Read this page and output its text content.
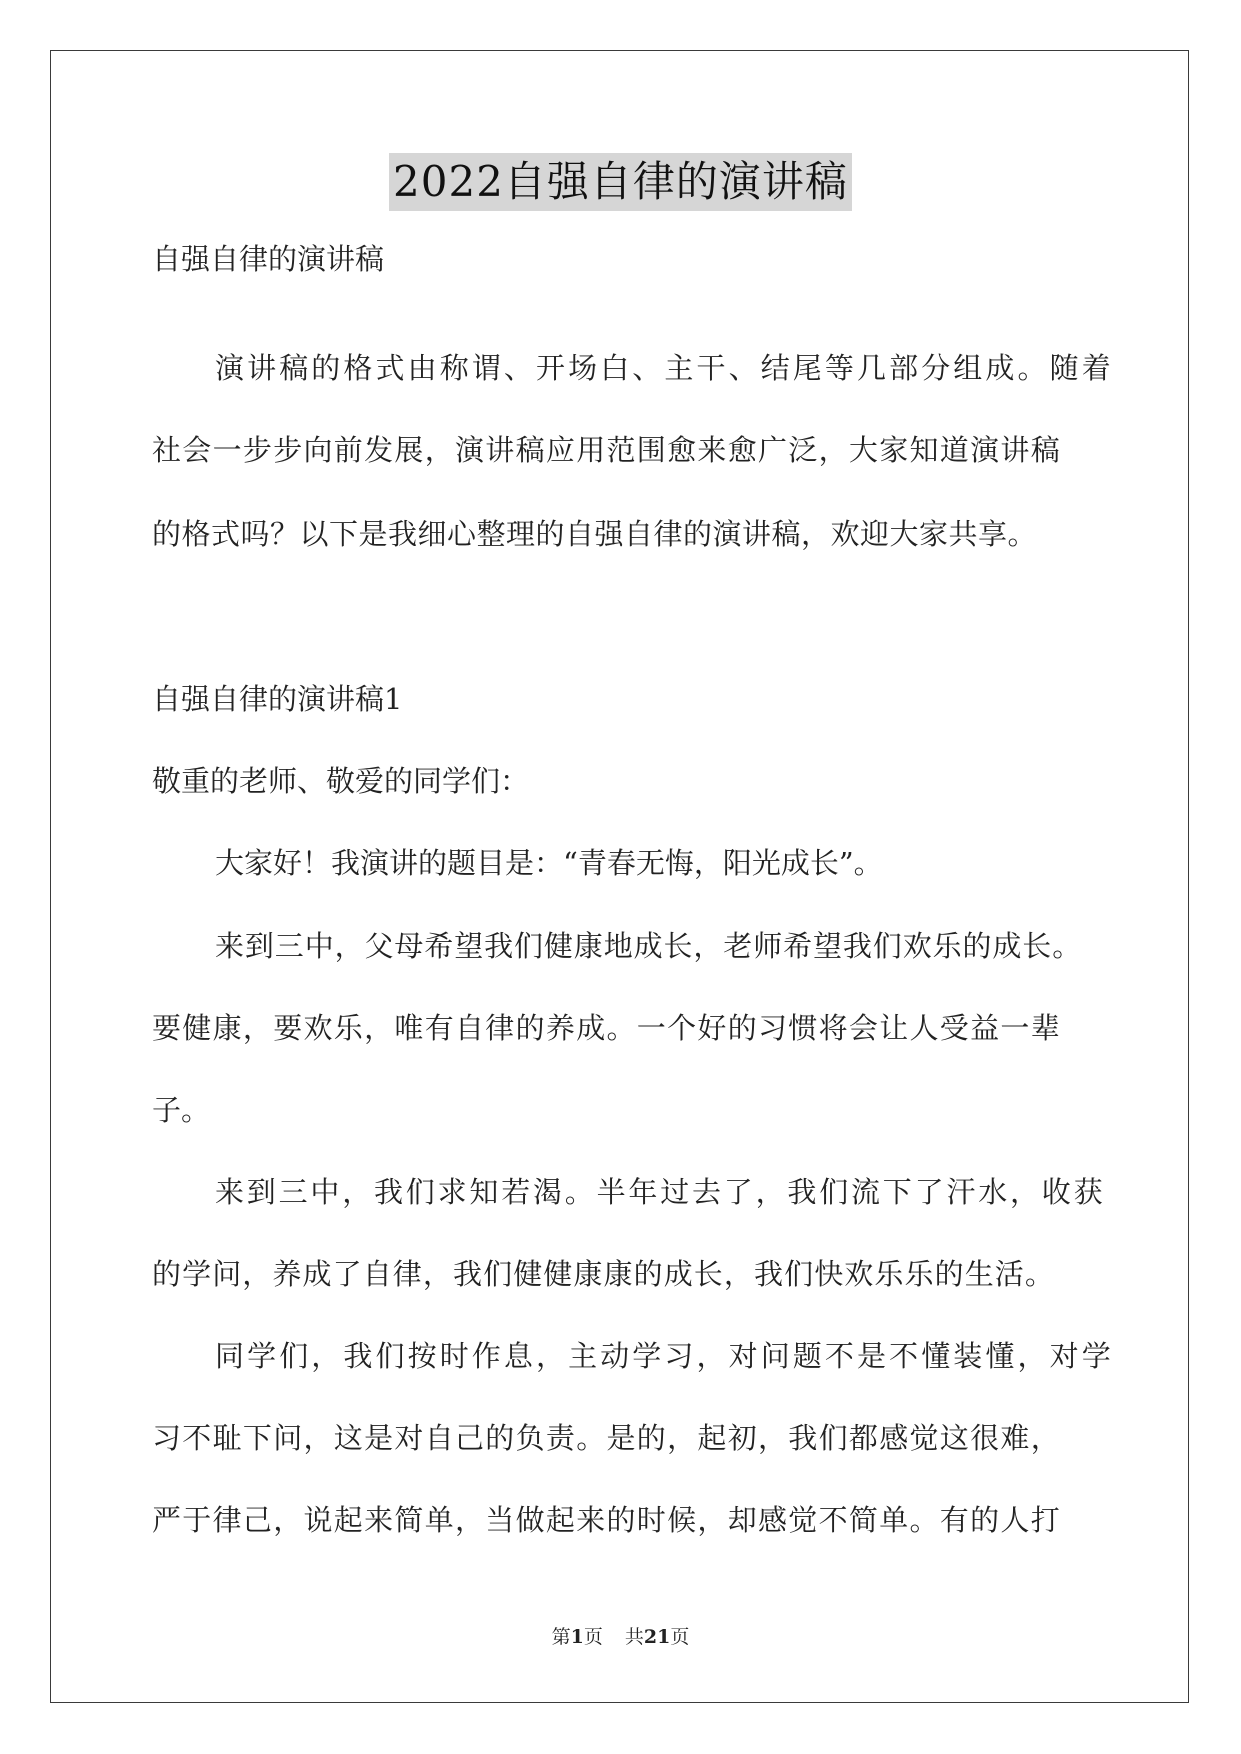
2022自强自律的演讲稿
自强自律的演讲稿
演讲稿的格式由称谓、开场白、主干、结尾等几部分组成。随着
社会一步步向前发展，演讲稿应用范围愈来愈广泛，大家知道演讲稿
的格式吗？以下是我细心整理的自强自律的演讲稿，欢迎大家共享。
自强自律的演讲稿1
敬重的老师、敬爱的同学们：
大家好！我演讲的题目是：“青春无悔，阳光成长”。
来到三中，父母希望我们健康地成长，老师希望我们欢乐的成长。
要健康，要欢乐，唯有自律的养成。一个好的习惯将会让人受益一辈
子。
来到三中，我们求知若渴。半年过去了，我们流下了汗水，收获
的学问，养成了自律，我们健健康康的成长，我们快欢乐乐的生活。
同学们，我们按时作息，主动学习，对问题不是不懂装懂，对学
习不耻下问，这是对自己的负责。是的，起初，我们都感觉这很难，
严于律己，说起来简单，当做起来的时候，却感觉不简单。有的人打
第1页 共21页
